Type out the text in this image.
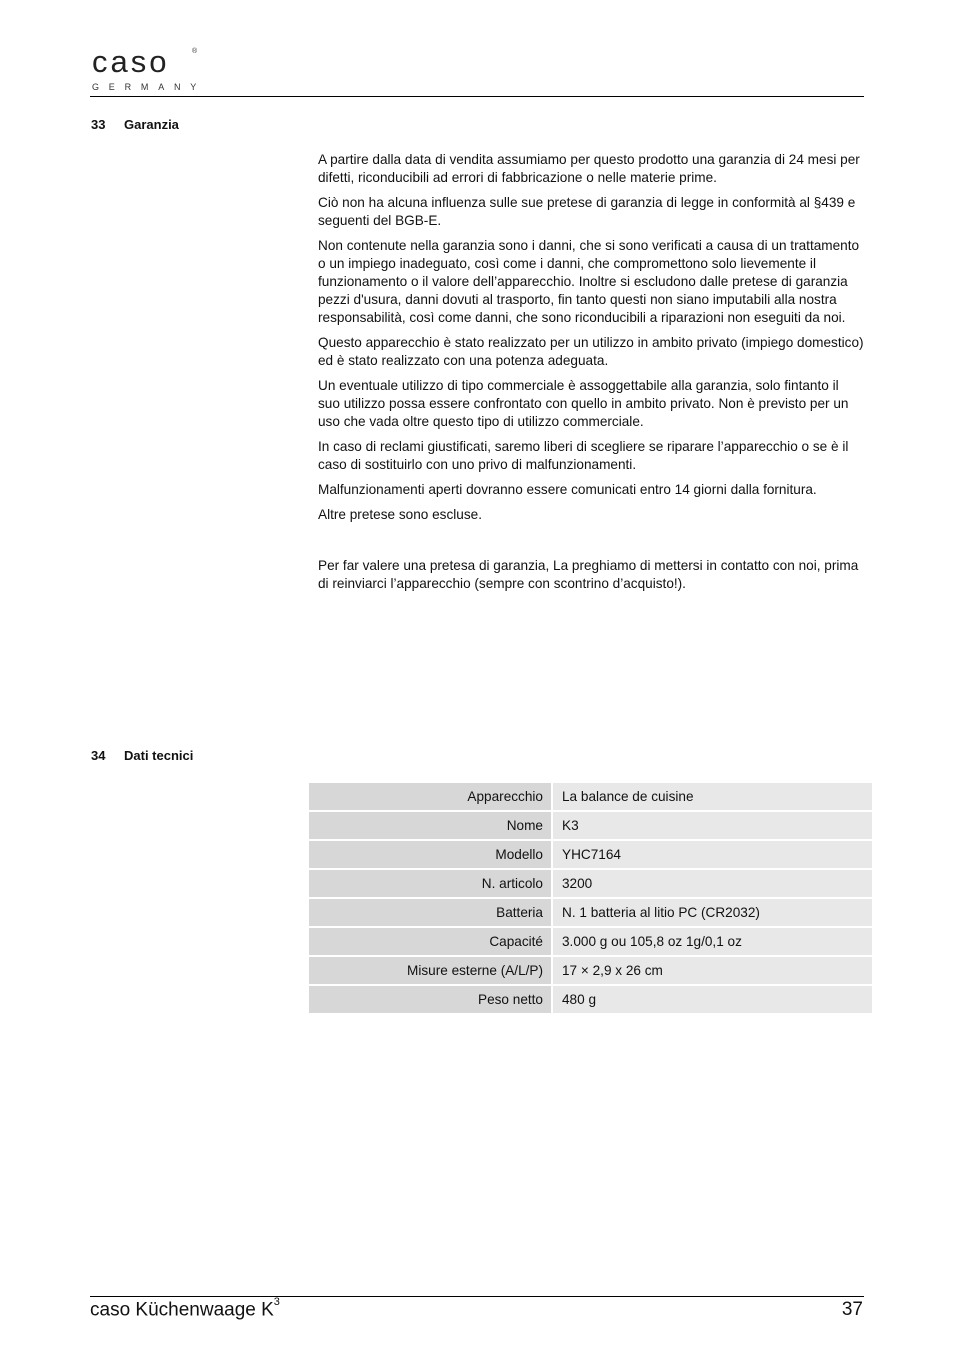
caso	®
GERMANY
33 Garanzia

A partire dalla data di vendita assumiamo per questo prodotto una garanzia di 24 mesi per difetti, riconducibili ad errori di fabbricazione o nelle materie prime.

Ciò non ha alcuna influenza sulle sue pretese di garanzia di legge in conformità al §439 e seguenti del BGB-E.

Non contenute nella garanzia sono i danni, che si sono verificati a causa di un trattamento o un impiego inadeguato, così come i danni, che compromettono solo lievemente il funzionamento o il valore dell’apparecchio. Inoltre si escludono dalle pretese di garanzia pezzi d'usura, danni dovuti al trasporto, fin tanto questi non siano imputabili alla nostra responsabilità, così come danni, che sono riconducibili a riparazioni non eseguiti da noi.

Questo apparecchio è stato realizzato per un utilizzo in ambito privato (impiego domestico) ed è stato realizzato con una potenza adeguata.

Un eventuale utilizzo di tipo commerciale è assoggettabile alla garanzia, solo fintanto il suo utilizzo possa essere confrontato con quello in ambito privato. Non è previsto per un uso che vada oltre questo tipo di utilizzo commerciale.

In caso di reclami giustificati, saremo liberi di scegliere se riparare l’apparecchio o se è il caso di sostituirlo con uno privo di malfunzionamenti.

Malfunzionamenti aperti dovranno essere comunicati entro 14 giorni dalla fornitura.

Altre pretese sono escluse.

Per far valere una pretesa di garanzia, La preghiamo di mettersi in contatto con noi, prima di reinviarci l’apparecchio (sempre con scontrino d’acquisto!).

34 Dati tecnici
Apparecchio	La balance de cuisine
Nome	K3
Modello	YHC7164
N. articolo	3200
Batteria	N. 1 batteria al litio PC (CR2032)
Capacité	3.000 g ou 105,8 oz 1g/0,1 oz
Misure esterne (A/L/P)	17 × 2,9 x 26 cm
Peso netto	480 g
caso Küchenwaage $K^3$	37
